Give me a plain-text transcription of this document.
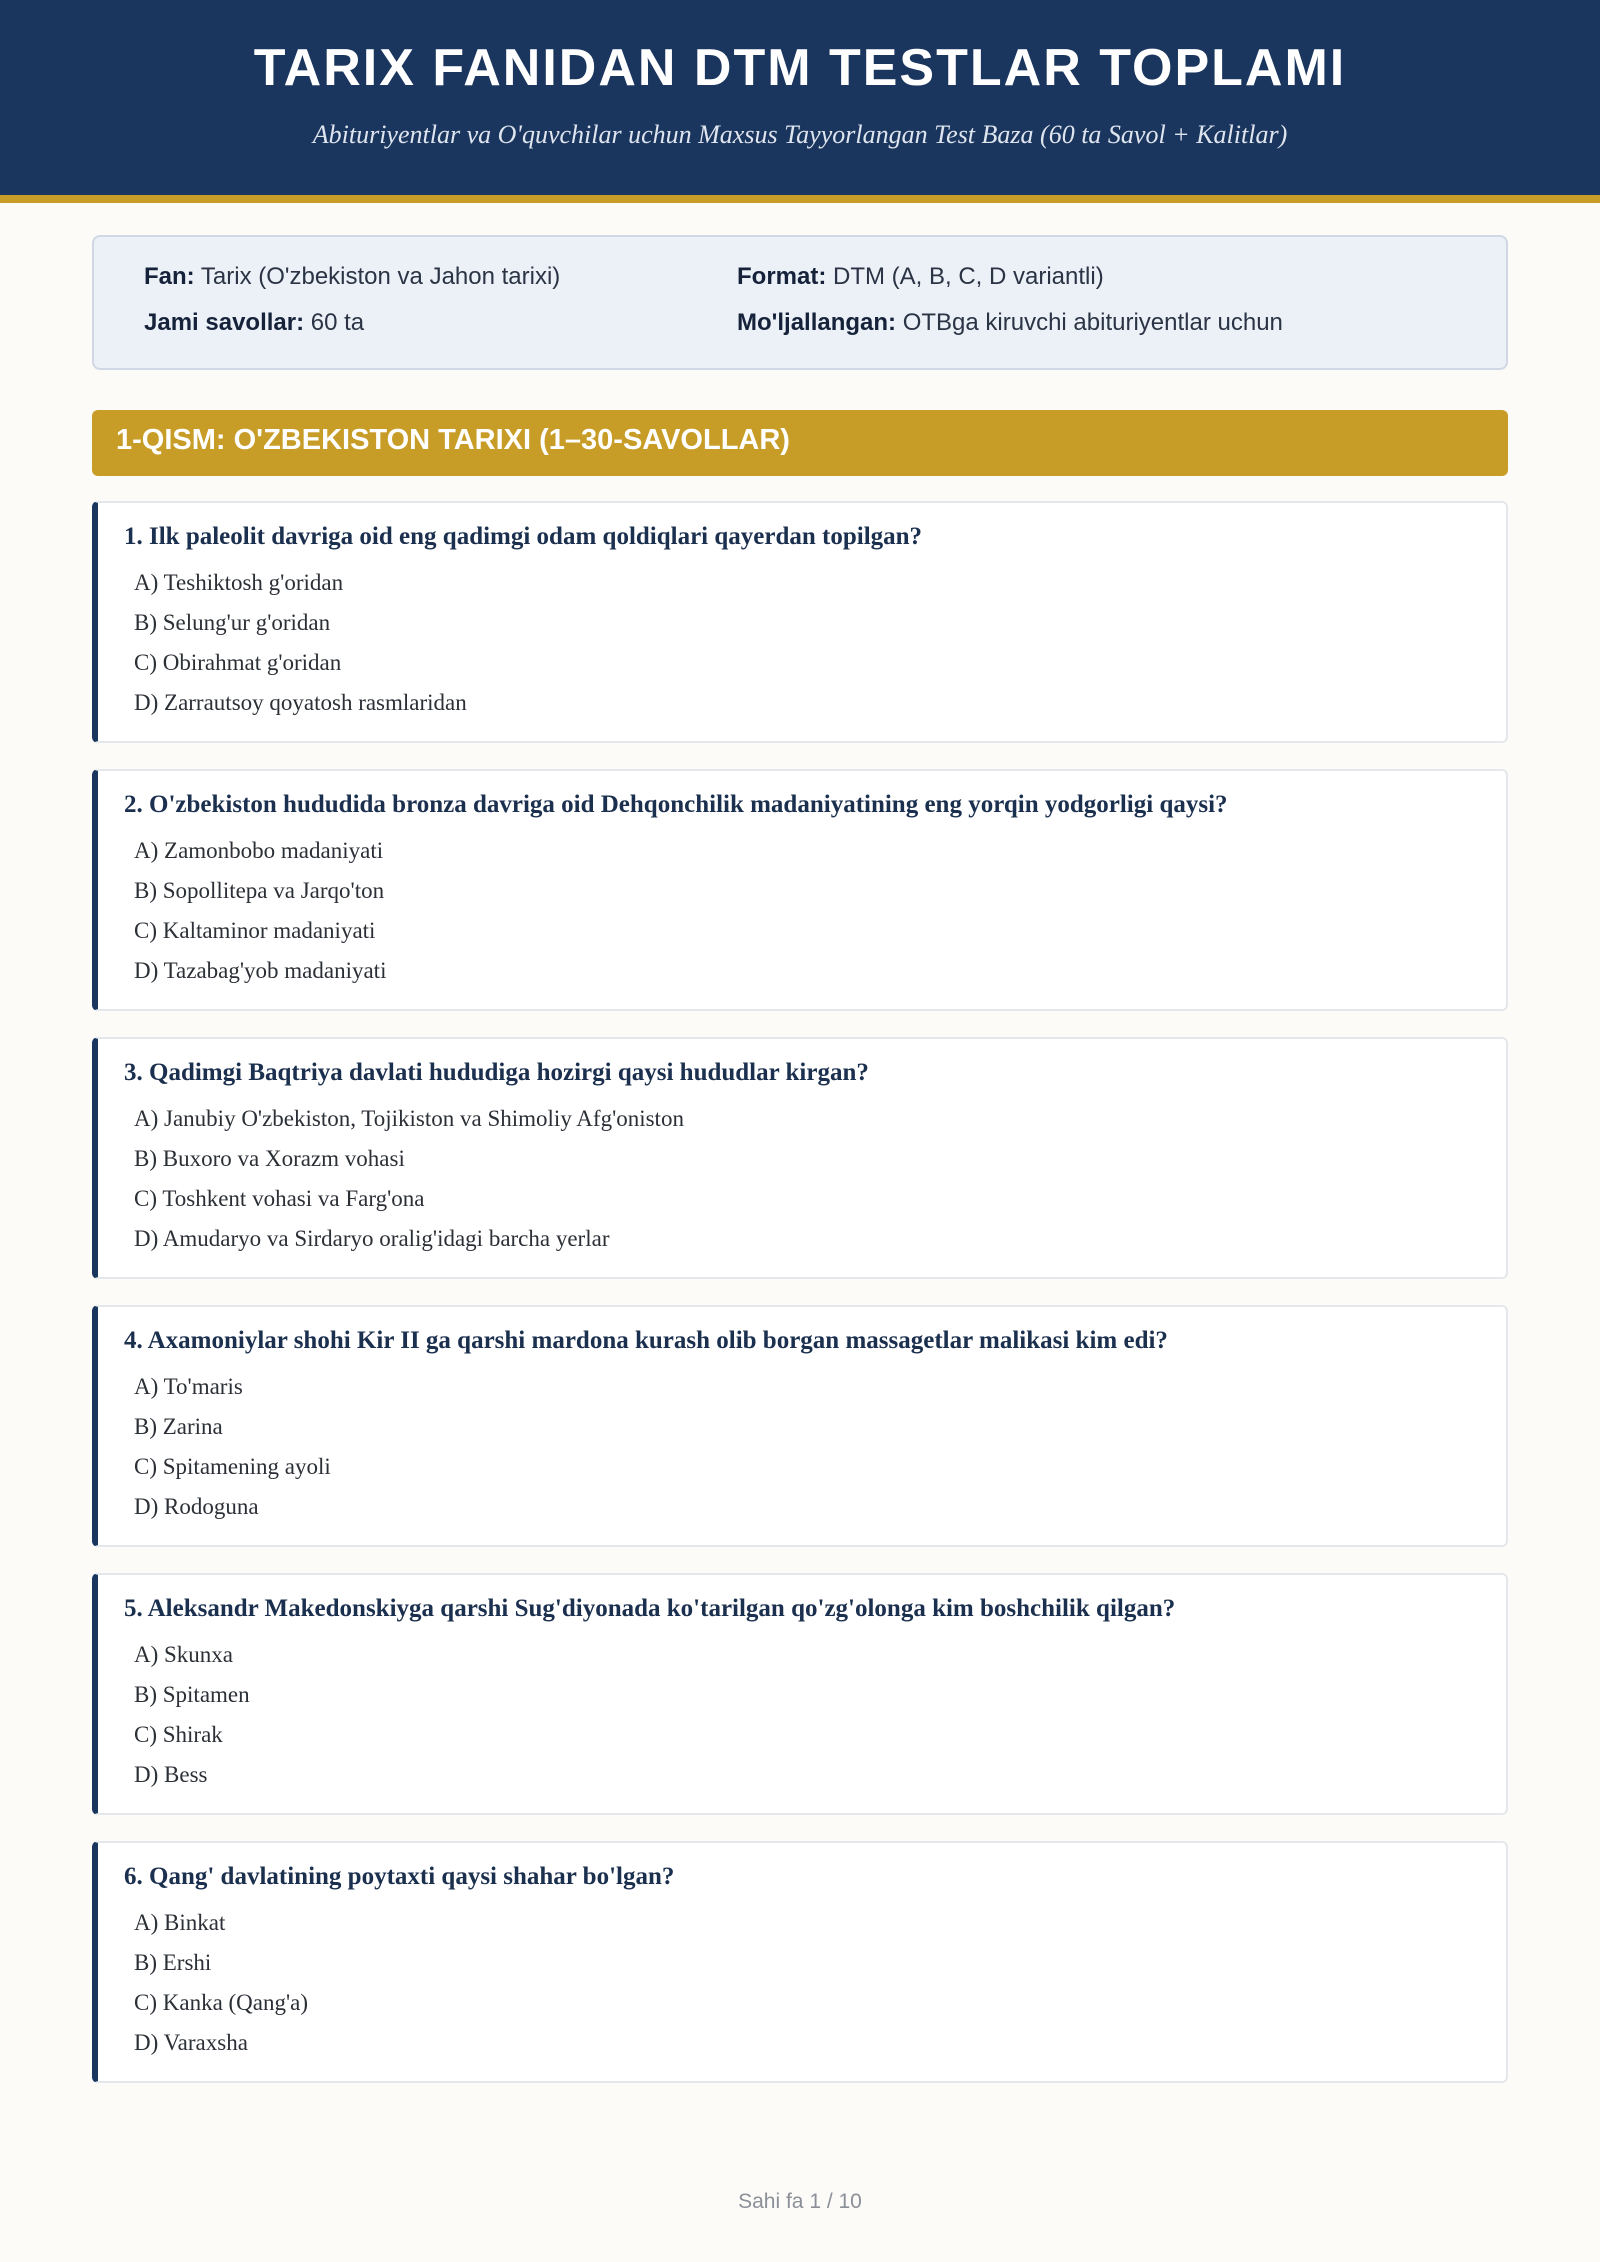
TARIX FANIDAN DTM TESTLAR TOPLAMI
Abituriyentlar va O'quvchilar uchun Maxsus Tayyorlangan Test Baza (60 ta Savol + Kalitlar)
Fan: Tarix (O'zbekiston va Jahon tarixi)	Format: DTM (A, B, C, D variantli)
Jami savollar: 60 ta	Mo'ljallangan: OTBga kiruvchi abituriyentlar uchun
1-QISM: O'ZBEKISTON TARIXI (1–30-SAVOLLAR)
1. Ilk paleolit davriga oid eng qadimgi odam qoldiqlari qayerdan topilgan?
A) Teshiktosh g'oridan
B) Selung'ur g'oridan
C) Obirahmat g'oridan
D) Zarrautsoy qoyatosh rasmlaridan
2. O'zbekiston hududida bronza davriga oid Dehqonchilik madaniyatining eng yorqin yodgorligi qaysi?
A) Zamonbobo madaniyati
B) Sopollitepa va Jarqo'ton
C) Kaltaminor madaniyati
D) Tazabag'yob madaniyati
3. Qadimgi Baqtriya davlati hududiga hozirgi qaysi hududlar kirgan?
A) Janubiy O'zbekiston, Tojikiston va Shimoliy Afg'oniston
B) Buxoro va Xorazm vohasi
C) Toshkent vohasi va Farg'ona
D) Amudaryo va Sirdaryo oralig'idagi barcha yerlar
4. Axamoniylar shohi Kir II ga qarshi mardona kurash olib borgan massagetlar malikasi kim edi?
A) To'maris
B) Zarina
C) Spitamening ayoli
D) Rodoguna
5. Aleksandr Makedonskiyga qarshi Sug'diyonada ko'tarilgan qo'zg'olonga kim boshchilik qilgan?
A) Skunxa
B) Spitamen
C) Shirak
D) Bess
6. Qang' davlatining poytaxti qaysi shahar bo'lgan?
A) Binkat
B) Ershi
C) Kanka (Qang'a)
D) Varaxsha
Sahi fa 1 / 10
